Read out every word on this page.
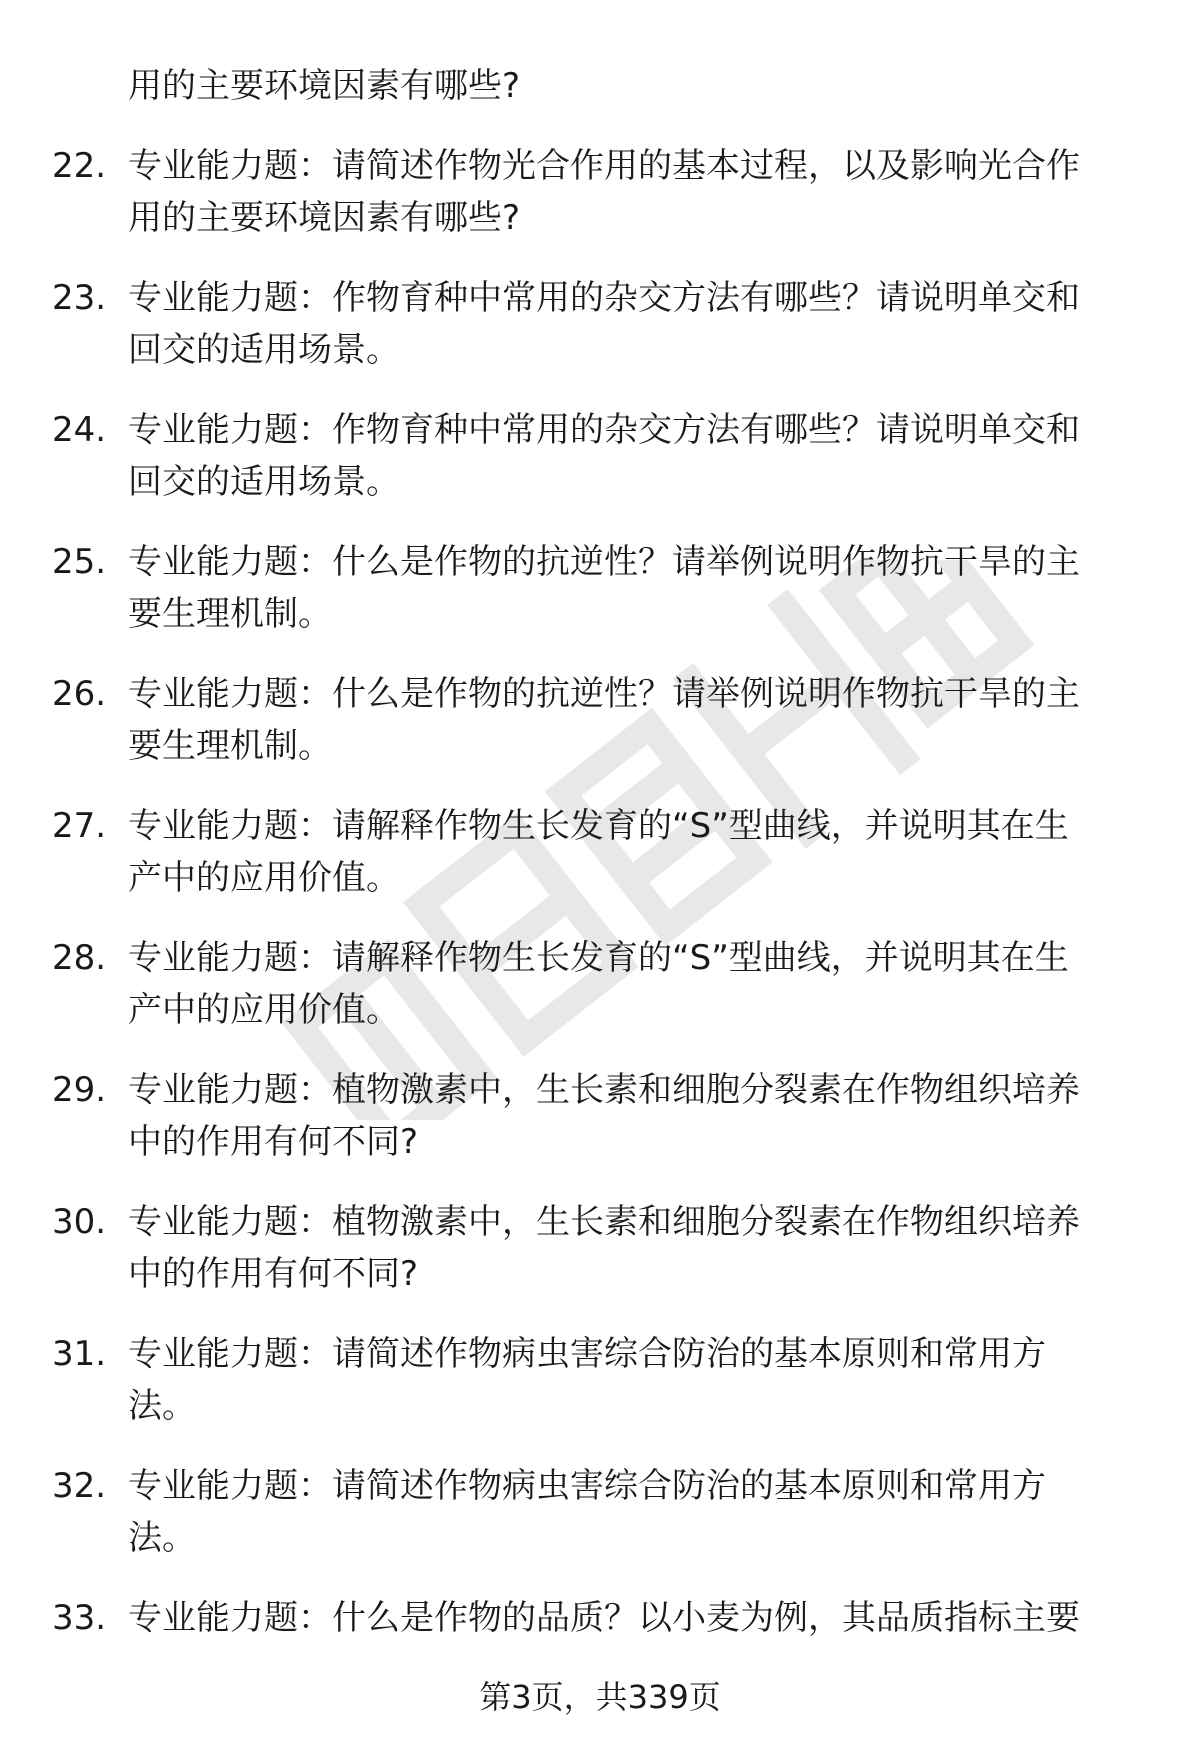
用的主要环境因素有哪些?
22. 专业能力题：请简述作物光合作用的基本过程，以及影响光合作
用的主要环境因素有哪些?
23. 专业能力题：作物育种中常用的杂交方法有哪些？请说明单交和
回交的适用场景。
24. 专业能力题：作物育种中常用的杂交方法有哪些？请说明单交和
回交的适用场景。
25. 专业能力题：什么是作物的抗逆性？请举例说明作物抗干旱的主
要生理机制。
26. 专业能力题：什么是作物的抗逆性？请举例说明作物抗干旱的主
要生理机制。
27. 专业能力题：请解释作物生长发育的“S”型曲线，并说明其在生
产中的应用价值。
28. 专业能力题：请解释作物生长发育的“S”型曲线，并说明其在生
产中的应用价值。
29. 专业能力题：植物激素中，生长素和细胞分裂素在作物组织培养
中的作用有何不同?
30. 专业能力题：植物激素中，生长素和细胞分裂素在作物组织培养
中的作用有何不同?
31. 专业能力题：请简述作物病虫害综合防治的基本原则和常用方
法。
32. 专业能力题：请简述作物病虫害综合防治的基本原则和常用方
法。
33. 专业能力题：什么是作物的品质？以小麦为例，其品质指标主要
第3页，共339页
